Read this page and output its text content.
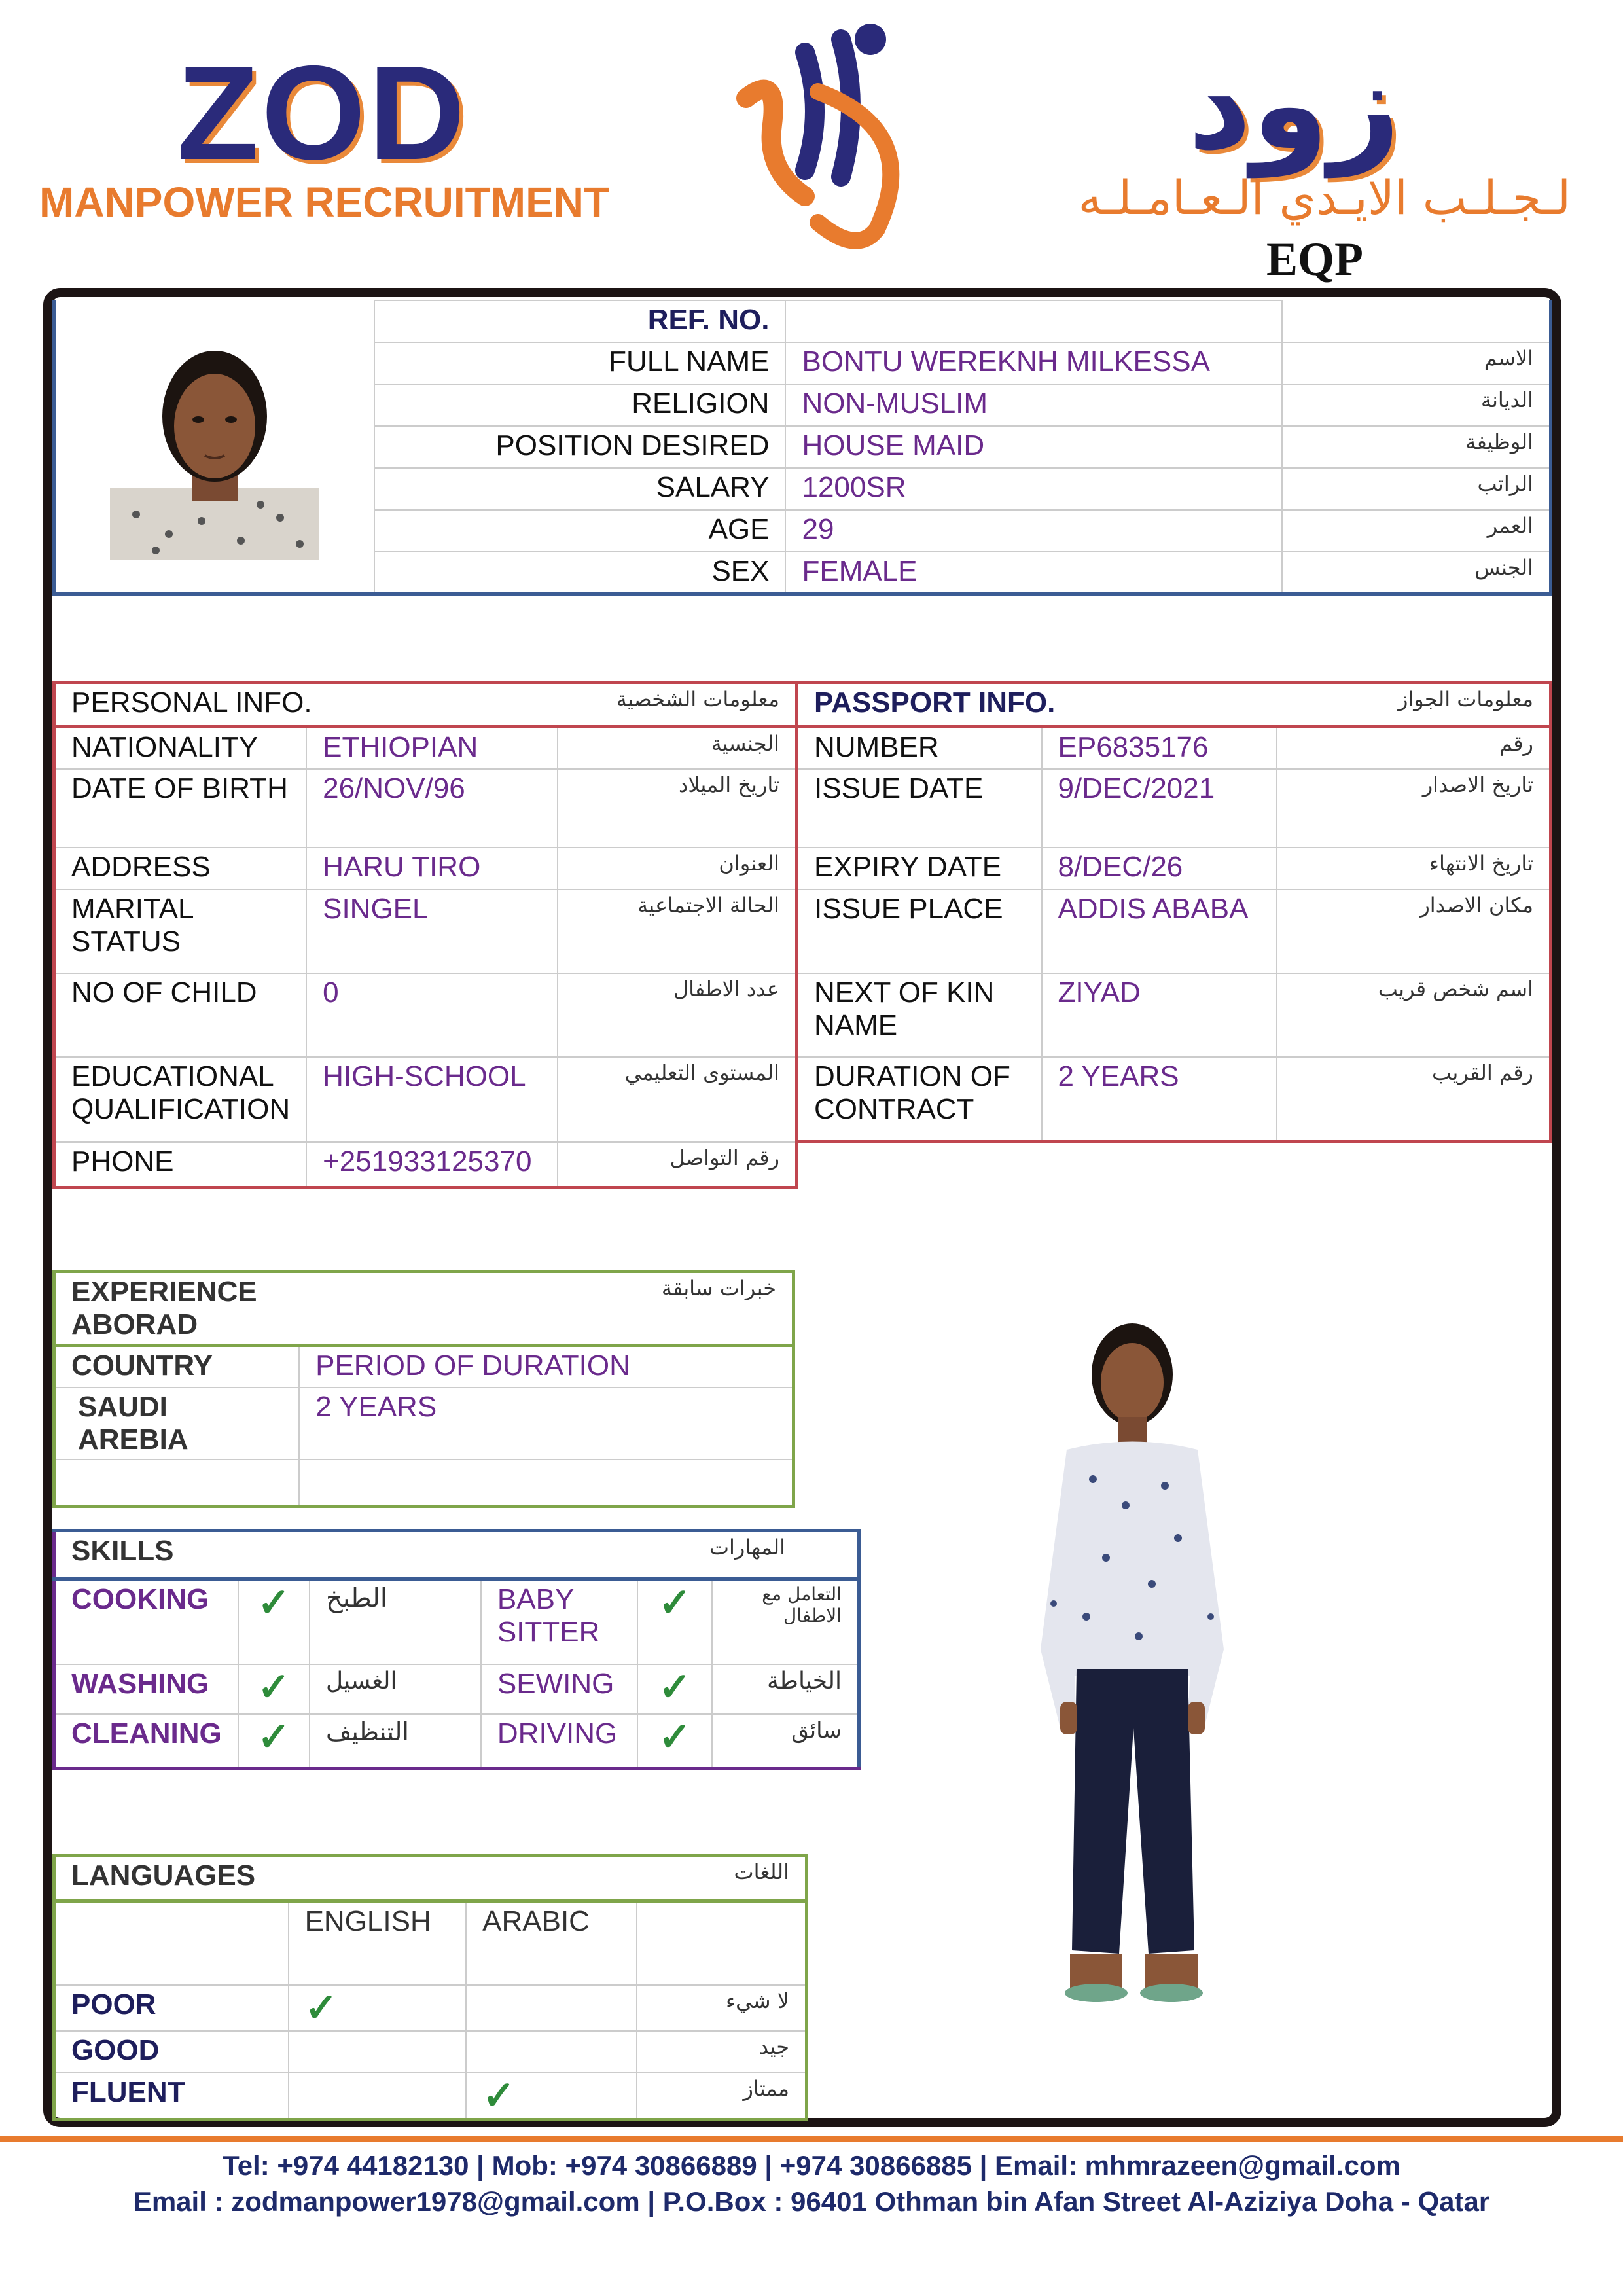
ZOD
MANPOWER RECRUITMENT
زود
لـجـلـب الايـدي الـعـامـلـه
EQP
	REF. NO.		
	FULL NAME	BONTU WEREKNH MILKESSA	الاسم
	RELIGION	NON-MUSLIM	الديانة
	POSITION DESIRED	HOUSE MAID	الوظيفة
	SALARY	1200SR	الراتب
	AGE	29	العمر
	SEX	FEMALE	الجنس
PERSONAL INFO.		معلومات الشخصية
NATIONALITY	ETHIOPIAN	الجنسية
DATE OF BIRTH	26/NOV/96	تاريخ الميلاد
ADDRESS	HARU TIRO	العنوان
MARITAL STATUS	SINGEL	الحالة الاجتماعية
NO OF CHILD	0	عدد الاطفال
EDUCATIONAL QUALIFICATION	HIGH-SCHOOL	المستوى التعليمي
PHONE	+251933125370	رقم التواصل
PASSPORT INFO.		معلومات الجواز
NUMBER	EP6835176	رقم
ISSUE DATE	9/DEC/2021	تاريخ الاصدار
EXPIRY DATE	8/DEC/26	تاريخ الانتهاء
ISSUE PLACE	ADDIS ABABA	مكان الاصدار
NEXT OF KIN NAME	ZIYAD	اسم شخص قريب
DURATION OF CONTRACT	2 YEARS	رقم القريب
EXPERIENCE ABORAD	خبرات سابقة
COUNTRY	PERIOD OF DURATION
SAUDI AREBIA	2 YEARS

SKILLS			المهارات		
COOKING	✓	الطبخ	BABY SITTER	✓	التعامل مع الاطفال
WASHING	✓	الغسيل	SEWING	✓	الخياطة
CLEANING	✓	التنظيف	DRIVING	✓	سائق
LANGUAGES		اللغات	
	ENGLISH	ARABIC	
POOR	✓		لا شيء
GOOD			جيد
FLUENT		✓	ممتاز
Tel: +974 44182130 | Mob: +974 30866889 | +974 30866885 | Email: mhmrazeen@gmail.com
Email : zodmanpower1978@gmail.com | P.O.Box : 96401 Othman bin Afan Street Al-Aziziya Doha - Qatar
